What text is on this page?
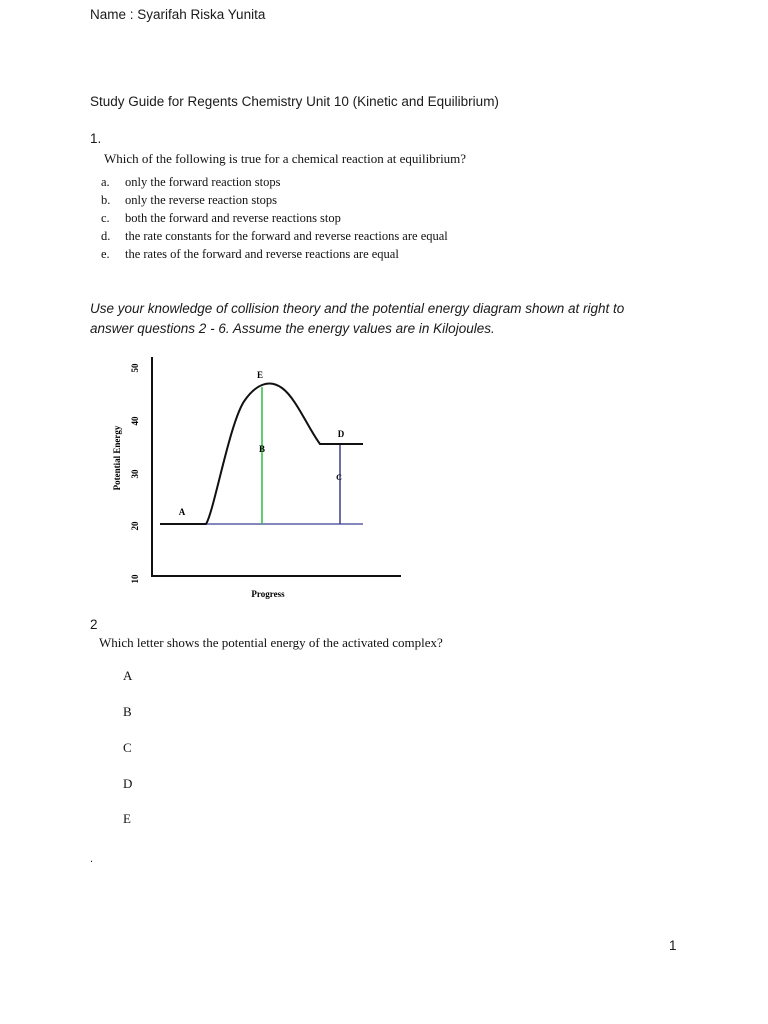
Name : Syarifah Riska Yunita
Study Guide for Regents Chemistry Unit 10 (Kinetic and Equilibrium)
1.
Which of the following is true for a chemical reaction at equilibrium?
a. only the forward reaction stops
b. only the reverse reaction stops
c. both the forward and reverse reactions stop
d. the rate constants for the forward and reverse reactions are equal
e. the rates of the forward and reverse reactions are equal
Use your knowledge of collision theory and the potential energy diagram shown at right to
answer questions 2 - 6. Assume the energy values are in Kilojoules.
50
40
30
20
10
Potential Energy
Progress
A
E
B
D
C
2
Which letter shows the potential energy of the activated complex?
A
B
C
D
E
.
1
